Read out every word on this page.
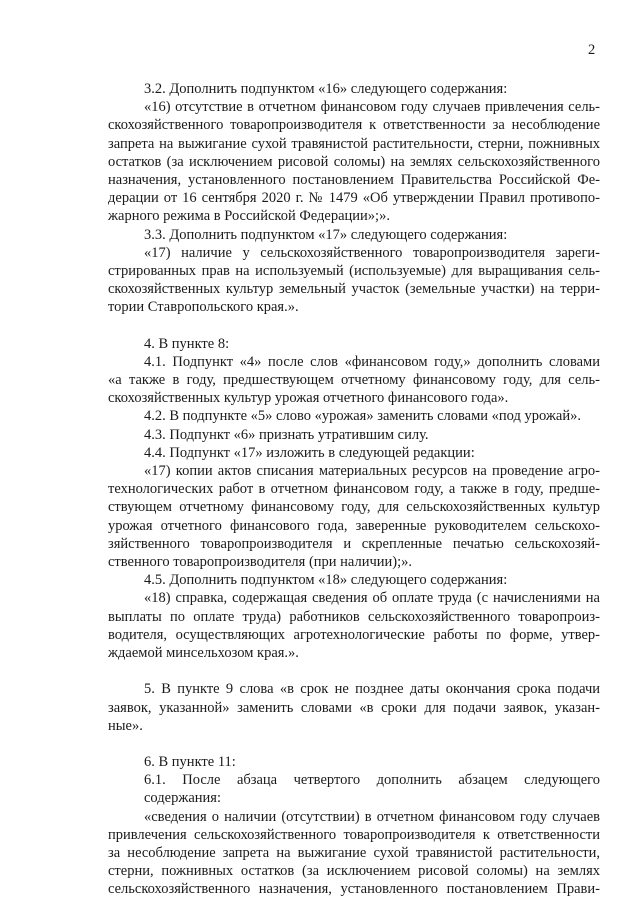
2

3.2. Дополнить подпунктом «16» следующего содержания:

«16) отсутствие в отчетном финансовом году случаев привлечения сель-

скохозяйственного товаропроизводителя к ответственности за несоблюдение

запрета на выжигание сухой травянистой растительности, стерни, пожнивных

остатков (за исключением рисовой соломы) на землях сельскохозяйственного

назначения, установленного постановлением Правительства Российской Фе-

дерации от 16 сентября 2020 г. № 1479 «Об утверждении Правил противопо-

жарного режима в Российской Федерации»;».

3.3. Дополнить подпунктом «17» следующего содержания:

«17) наличие у сельскохозяйственного товаропроизводителя зареги-

стрированных прав на используемый (используемые) для выращивания сель-

скохозяйственных культур земельный участок (земельные участки) на терри-

тории Ставропольского края.».

4. В пункте 8:

4.1. Подпункт «4» после слов «финансовом году,» дополнить словами

«а также в году, предшествующем отчетному финансовому году, для сель-

скохозяйственных культур урожая отчетного финансового года».

4.2. В подпункте «5» слово «урожая» заменить словами «под урожай».

4.3. Подпункт «6» признать утратившим силу.

4.4. Подпункт «17» изложить в следующей редакции:

«17) копии актов списания материальных ресурсов на проведение агро-

технологических работ в отчетном финансовом году, а также в году, предше-

ствующем отчетному финансовому году, для сельскохозяйственных культур

урожая отчетного финансового года, заверенные руководителем сельскохо-

зяйственного товаропроизводителя и скрепленные печатью сельскохозяй-

ственного товаропроизводителя (при наличии);».

4.5. Дополнить подпунктом «18» следующего содержания:

«18) справка, содержащая сведения об оплате труда (с начислениями на

выплаты по оплате труда) работников сельскохозяйственного товаропроиз-

водителя, осуществляющих агротехнологические работы по форме, утвер-

ждаемой минсельхозом края.».

5. В пункте 9 слова «в срок не позднее даты окончания срока подачи

заявок, указанной» заменить словами «в сроки для подачи заявок, указан-

ные».

6. В пункте 11:

6.1. После абзаца четвертого дополнить абзацем следующего содержания:

«сведения о наличии (отсутствии) в отчетном финансовом году случаев

привлечения сельскохозяйственного товаропроизводителя к ответственности

за несоблюдение запрета на выжигание сухой травянистой растительности,

стерни, пожнивных остатков (за исключением рисовой соломы) на землях

сельскохозяйственного назначения, установленного постановлением Прави-
